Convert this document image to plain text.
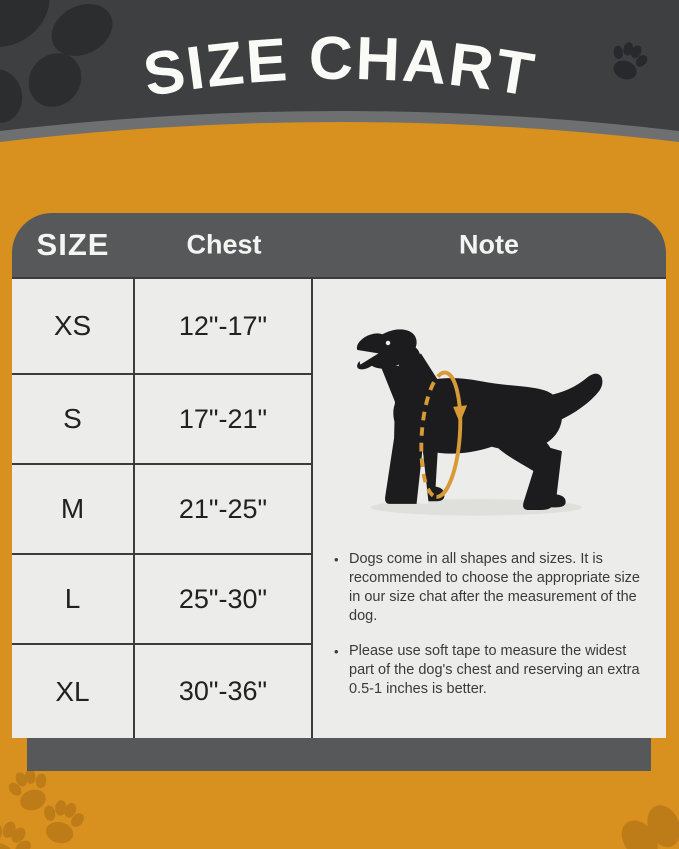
SIZE CHART
SIZE	Chest	Note
• Dogs come in all shapes and sizes. It is recommended to choose the appropriate size in our size chat after the measurement of the dog.
• Please use soft tape to measure the widest part of the dog's chest and reserving an extra 0.5-1 inches is better.
XS	12"-17"
S	17"-21"
M	21"-25"
L	25"-30"
XL	30"-36"
